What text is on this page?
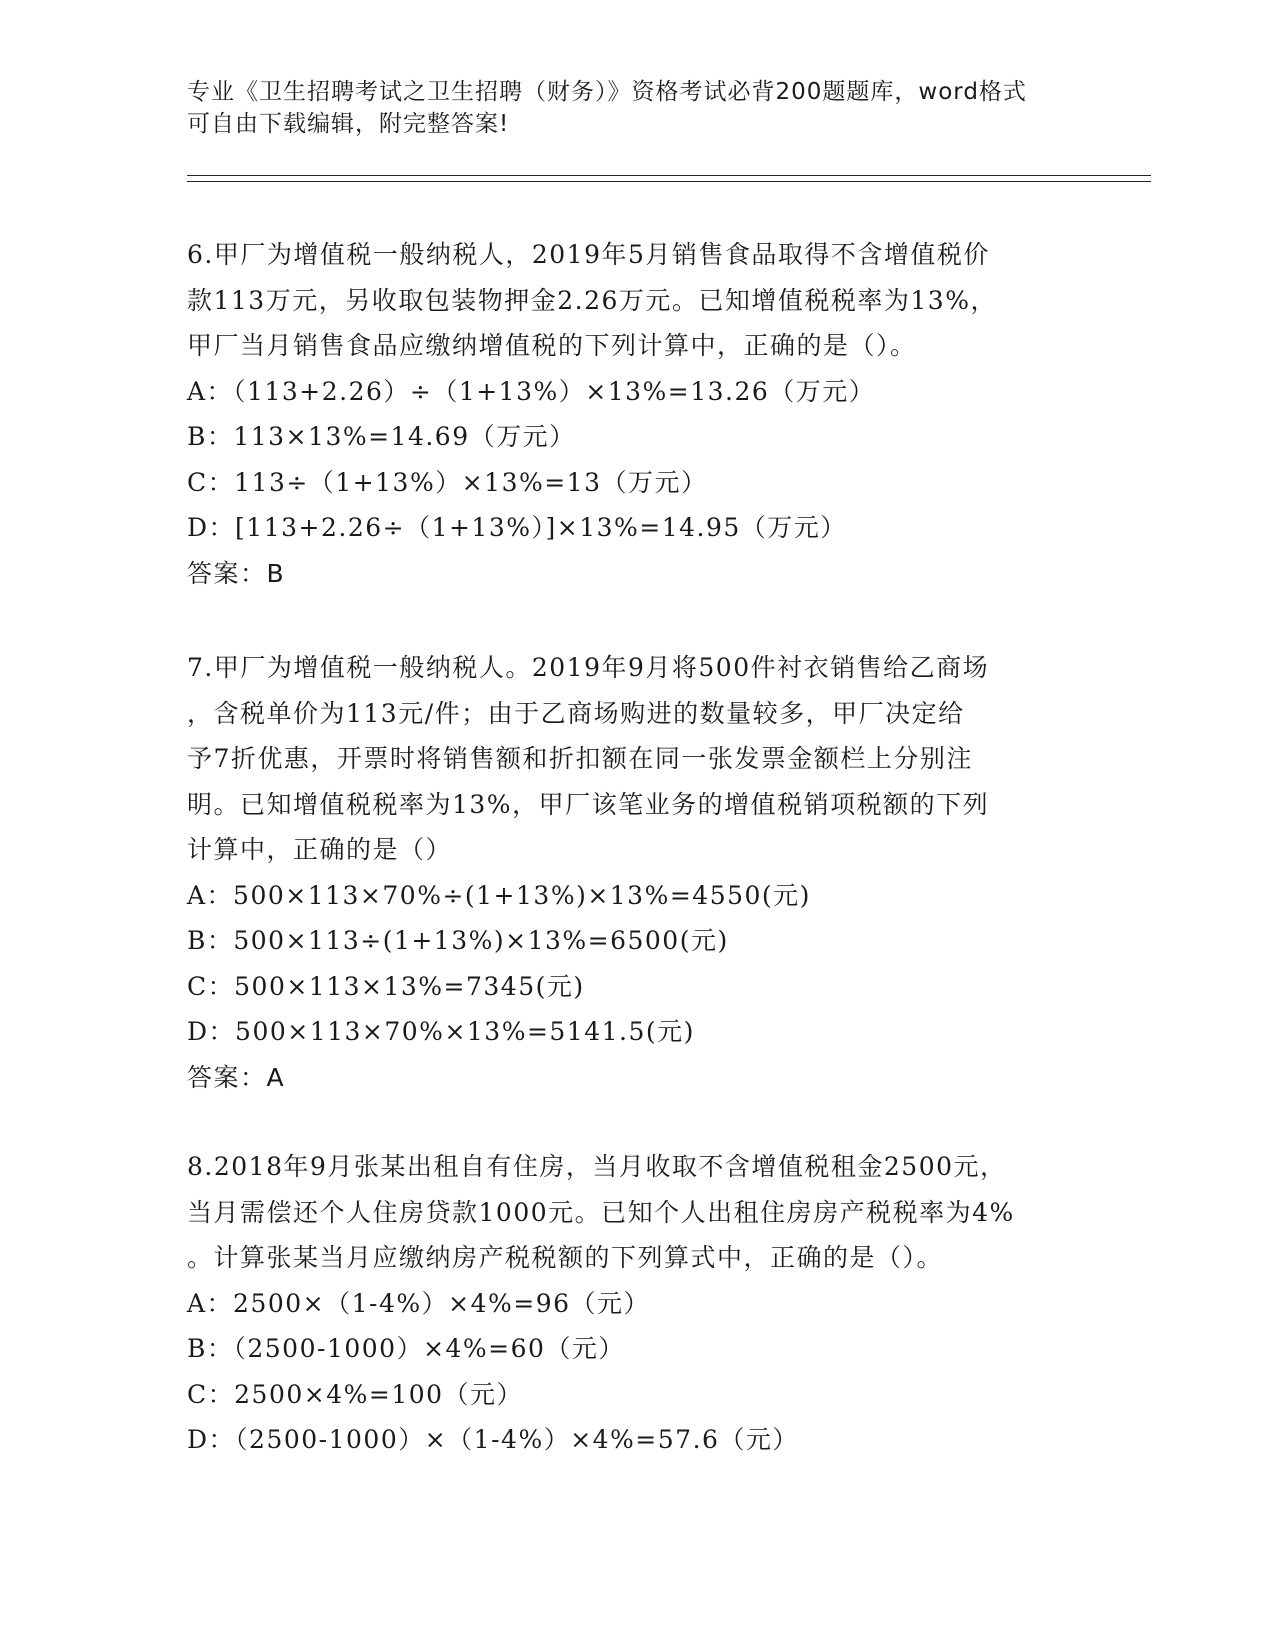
专业《卫生招聘考试之卫生招聘（财务）》资格考试必背200题题库，word格式
可自由下载编辑，附完整答案!
6.甲厂为增值税一般纳税人，2019年5月销售食品取得不含增值税价
款113万元，另收取包装物押金2.26万元。已知增值税税率为13%，
甲厂当月销售食品应缴纳增值税的下列计算中，正确的是（）。
A：（113+2.26）÷（1+13%）×13%=13.26（万元）
B：113×13%=14.69（万元）
C：113÷（1+13%）×13%=13（万元）
D：[113+2.26÷（1+13%）]×13%=14.95（万元）
答案：B
7.甲厂为增值税一般纳税人。2019年9月将500件衬衣销售给乙商场
，含税单价为113元/件；由于乙商场购进的数量较多，甲厂决定给
予7折优惠，开票时将销售额和折扣额在同一张发票金额栏上分别注
明。已知增值税税率为13%，甲厂该笔业务的增值税销项税额的下列
计算中，正确的是（）
A：500×113×70%÷(1+13%)×13%=4550(元)
B：500×113÷(1+13%)×13%=6500(元)
C：500×113×13%=7345(元)
D：500×113×70%×13%=5141.5(元)
答案：A
8.2018年9月张某出租自有住房，当月收取不含增值税租金2500元，
当月需偿还个人住房贷款1000元。已知个人出租住房房产税税率为4%
。计算张某当月应缴纳房产税税额的下列算式中，正确的是（）。
A：2500×（1-4%）×4%=96（元）
B：（2500-1000）×4%=60（元）
C：2500×4%=100（元）
D：（2500-1000）×（1-4%）×4%=57.6（元）
